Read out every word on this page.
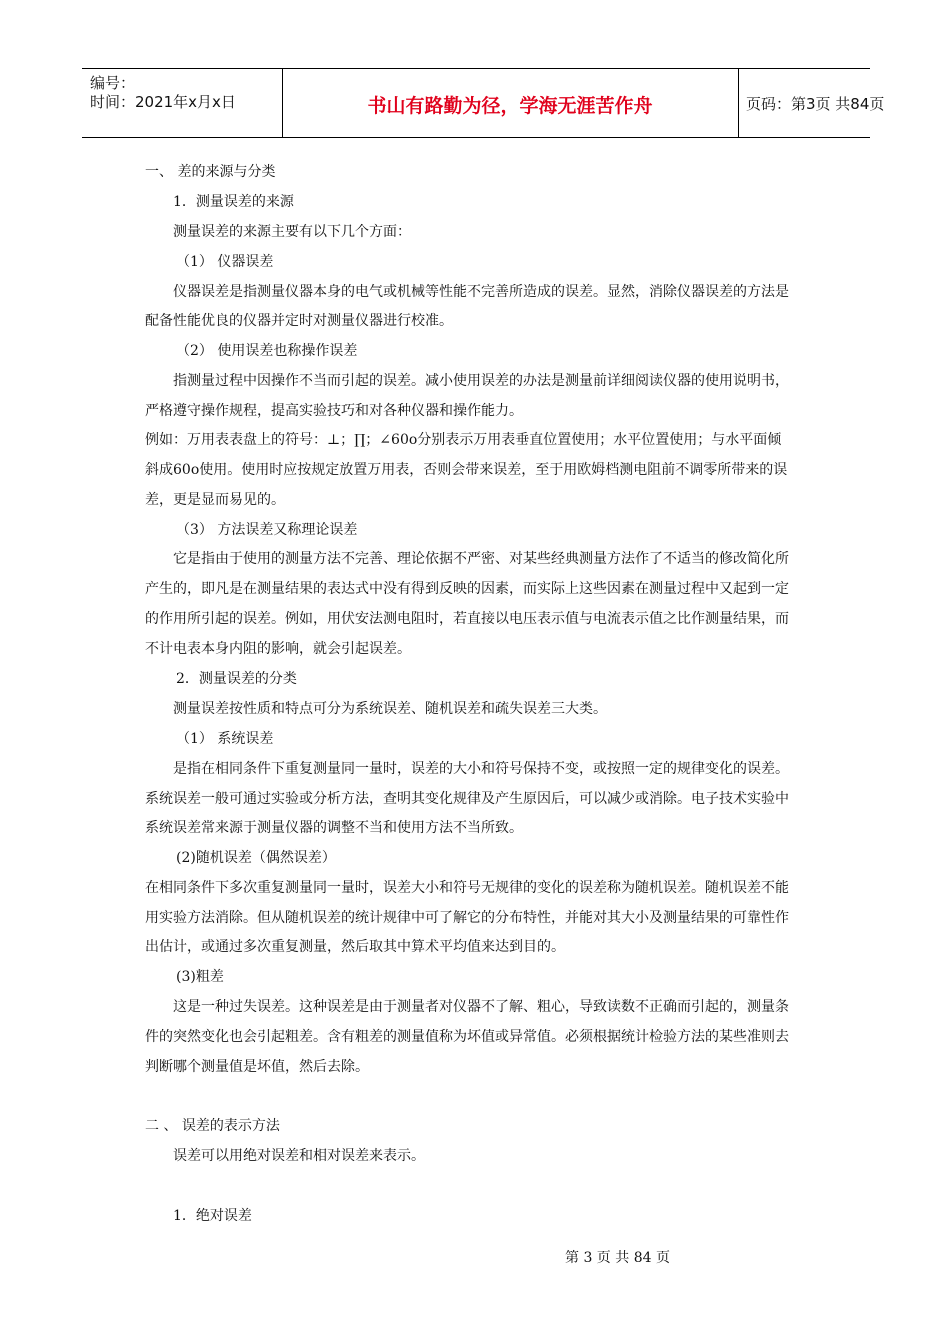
编号：
时间：2021年x月x日	书山有路勤为径，学海无涯苦作舟	页码：第3页 共84页
一、 差的来源与分类
1．测量误差的来源
测量误差的来源主要有以下几个方面：
（1） 仪器误差
仪器误差是指测量仪器本身的电气或机械等性能不完善所造成的误差。显然，消除仪器误差的方法是
配备性能优良的仪器并定时对测量仪器进行校准。
（2） 使用误差也称操作误差
指测量过程中因操作不当而引起的误差。减小使用误差的办法是测量前详细阅读仪器的使用说明书，
严格遵守操作规程，提高实验技巧和对各种仪器和操作能力。
例如：万用表表盘上的符号：⊥；∏；∠60o分别表示万用表垂直位置使用；水平位置使用；与水平面倾
斜成60o使用。使用时应按规定放置万用表，否则会带来误差，至于用欧姆档测电阻前不调零所带来的误
差，更是显而易见的。
（3） 方法误差又称理论误差
它是指由于使用的测量方法不完善、理论依据不严密、对某些经典测量方法作了不适当的修改简化所
产生的，即凡是在测量结果的表达式中没有得到反映的因素，而实际上这些因素在测量过程中又起到一定
的作用所引起的误差。例如，用伏安法测电阻时，若直接以电压表示值与电流表示值之比作测量结果，而
不计电表本身内阻的影响，就会引起误差。
2．测量误差的分类
测量误差按性质和特点可分为系统误差、随机误差和疏失误差三大类。
（1） 系统误差
是指在相同条件下重复测量同一量时，误差的大小和符号保持不变，或按照一定的规律变化的误差。
系统误差一般可通过实验或分析方法，查明其变化规律及产生原因后，可以减少或消除。电子技术实验中
系统误差常来源于测量仪器的调整不当和使用方法不当所致。
(2)随机误差（偶然误差）
在相同条件下多次重复测量同一量时，误差大小和符号无规律的变化的误差称为随机误差。随机误差不能
用实验方法消除。但从随机误差的统计规律中可了解它的分布特性，并能对其大小及测量结果的可靠性作
出估计，或通过多次重复测量，然后取其中算术平均值来达到目的。
(3)粗差
这是一种过失误差。这种误差是由于测量者对仪器不了解、粗心，导致读数不正确而引起的，测量条
件的突然变化也会引起粗差。含有粗差的测量值称为坏值或异常值。必须根据统计检验方法的某些准则去
判断哪个测量值是坏值，然后去除。
二 、 误差的表示方法
误差可以用绝对误差和相对误差来表示。
1．绝对误差
第 3 页 共 84 页
